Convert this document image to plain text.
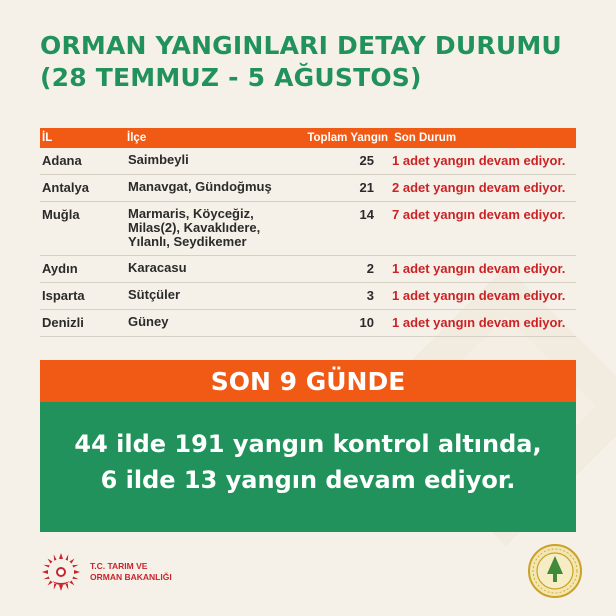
ORMAN YANGINLARI DETAY DURUMU
(28 TEMMUZ - 5 AĞUSTOS)
İL	İlçe	Toplam Yangın Son Durum
Adana	Saimbeyli	25	1 adet yangın devam ediyor.
Antalya	Manavgat, Gündoğmuş	21	2 adet yangın devam ediyor.
Muğla	Marmaris, Köyceğiz,
Milas(2), Kavaklıdere,
Yılanlı, Seydikemer
14	7 adet yangın devam ediyor.
Aydın	Karacasu	2	1 adet yangın devam ediyor.
Isparta	Sütçüler	3	1 adet yangın devam ediyor.
Denizli	Güney	10	1 adet yangın devam ediyor.
SON 9 GÜNDE
44 ilde 191 yangın kontrol altında,
6 ilde 13 yangın devam ediyor.
T.C. TARIM VE
ORMAN BAKANLIĞI
